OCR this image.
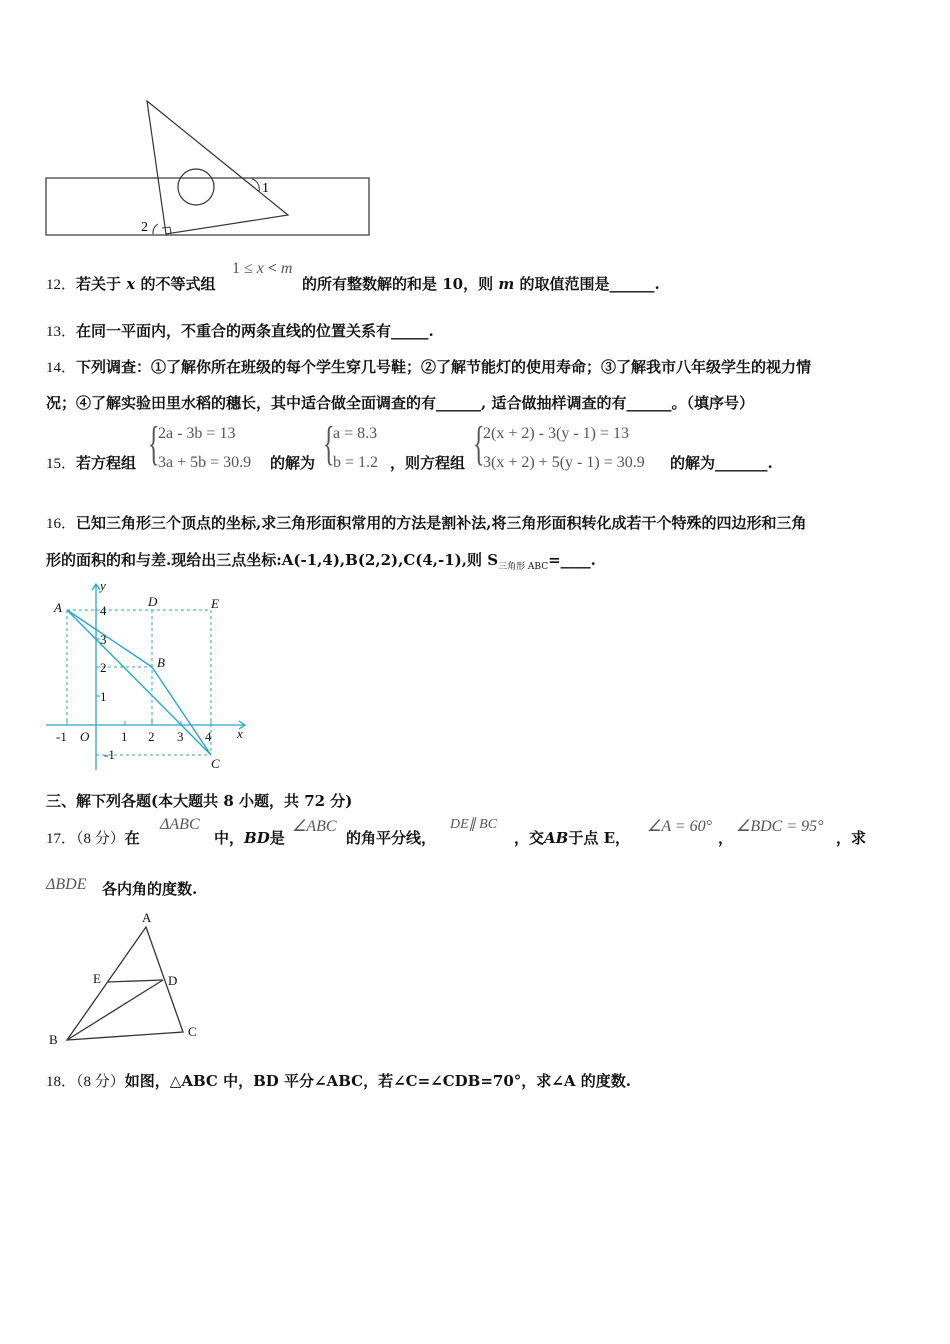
1
2
12．若关于 x 的不等式组
1 ≤ x < m
的所有整数解的和是 10，则 m 的取值范围是______.
13．在同一平面内，不重合的两条直线的位置关系有_____.
14．下列调查：①了解你所在班级的每个学生穿几号鞋；②了解节能灯的使用寿命；③了解我市八年级学生的视力情
况；④了解实验田里水稻的穗长，其中适合做全面调查的有______, 适合做抽样调查的有______。（填序号）
15．若方程组 {
2a - 3b = 13
3a + 5b = 30.9 的解为 {
a = 8.3
b = 1.2 ，则方程组 {
2(x + 2) - 3(y - 1) = 13
3(x + 2) + 5(y - 1) = 30.9 的解为_______.
16．已知三角形三个顶点的坐标,求三角形面积常用的方法是割补法,将三角形面积转化成若干个特殊的四边形和三角
形的面积的和与差.现给出三点坐标:A(-1,4),B(2,2),C(4,-1),则 $S_{三角形 ABC}=\_\_\_\_$.
A
B
C
D	E
y
x
O
-1	1 2 3 4
1
2
3
4
-1
三、解下列各题(本大题共 8 小题，共 72 分)
17．（8 分）在
ΔABC
中，BD是
∠ABC
的角平分线，
DE∥ BC
，交AB于点 E，
∠A = 60°
，
∠BDC = 95°
，求
ΔBDE 各内角的度数.
A
B
C
D
E
18．（8 分）如图，△ABC 中，BD 平分∠ABC，若∠C=∠CDB=70°，求∠A 的度数.
